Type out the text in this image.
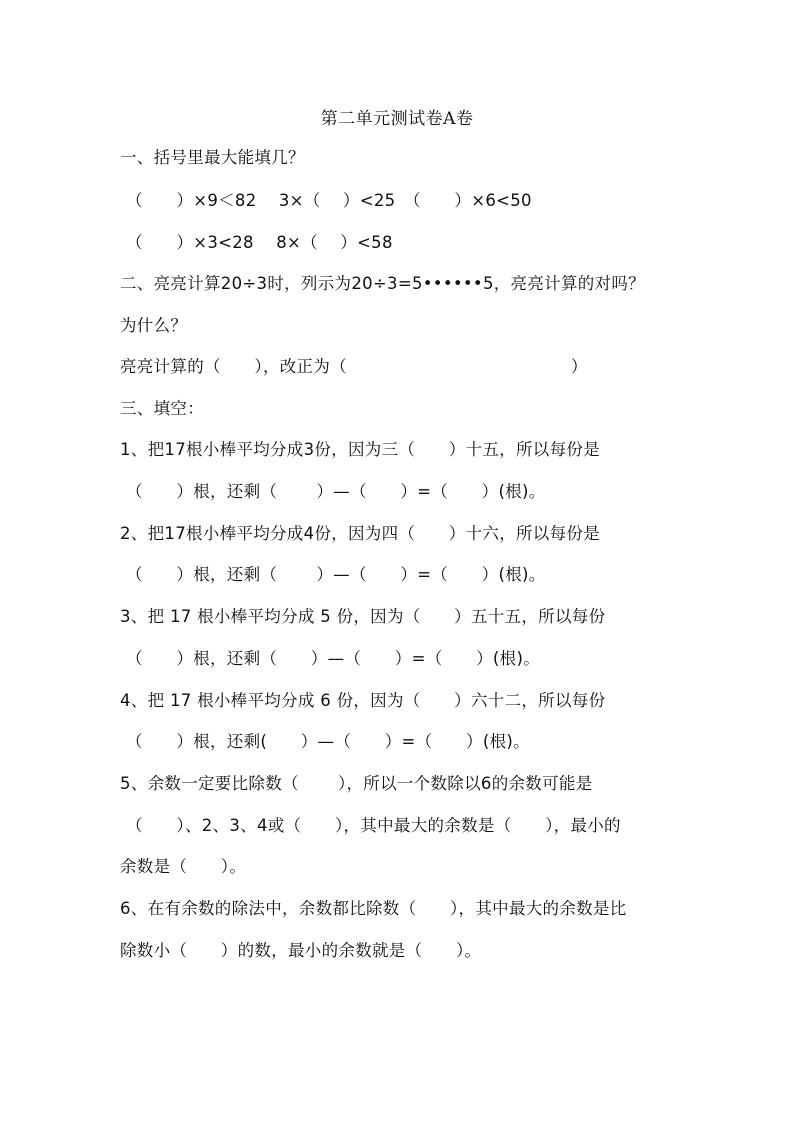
第二单元测试卷A卷
一、括号里最大能填几？
（　　）×9＜82　 3×（　 ）<25　（　　）×6<50
（　　）×3<28　 8×（　 ）<58
二、亮亮计算20÷3时，列示为20÷3=5••••••5，亮亮计算的对吗？
为什么？
亮亮计算的（　　），改正为（　　　　　　　　　　　　　 ）
三、填空：
1、把17根小棒平均分成3份，因为三（　　）十五，所以每份是
（　　）根，还剩（　　 ）—（　　）=（　　）(根)。
2、把17根小棒平均分成4份，因为四（　　）十六，所以每份是
（　　）根，还剩（　　 ）—（　　）=（　　）(根)。
3、把 17 根小棒平均分成 5 份，因为（　　）五十五，所以每份
（　　）根，还剩（　　）—（　　）=（　　）(根)。
4、把 17 根小棒平均分成 6 份，因为（　　）六十二，所以每份
（　　）根，还剩(　　）—（　　）=（　　）(根)。
5、余数一定要比除数（　　 ），所以一个数除以6的余数可能是
（　　）、2、3、4或（　　），其中最大的余数是（　　），最小的
余数是（　　）。
6、在有余数的除法中，余数都比除数（　　），其中最大的余数是比
除数小（　　）的数，最小的余数就是（　　）。
